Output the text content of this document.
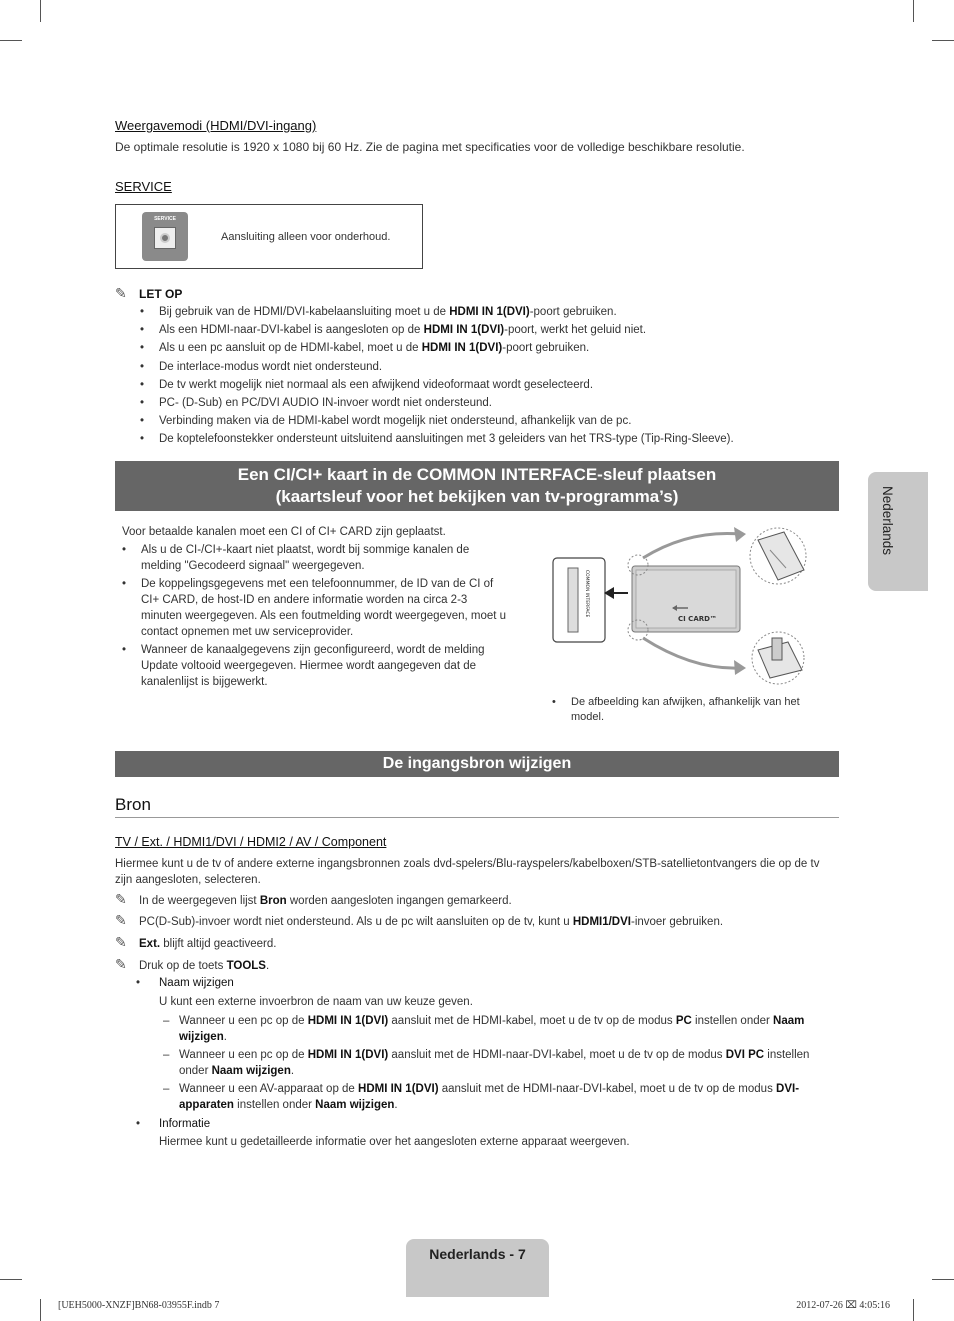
Weergavemodi (HDMI/DVI-ingang)
De optimale resolutie is 1920 x 1080 bij 60 Hz. Zie de pagina met specificaties voor de volledige beschikbare resolutie.
SERVICE
SERVICE
Aansluiting alleen voor onderhoud.
✎ LET OP
• Bij gebruik van de HDMI/DVI-kabelaansluiting moet u de HDMI IN 1(DVI)-poort gebruiken.
• Als een HDMI-naar-DVI-kabel is aangesloten op de HDMI IN 1(DVI)-poort, werkt het geluid niet.
• Als u een pc aansluit op de HDMI-kabel, moet u de HDMI IN 1(DVI)-poort gebruiken.
• De interlace-modus wordt niet ondersteund.
• De tv werkt mogelijk niet normaal als een afwijkend videoformaat wordt geselecteerd.
• PC- (D-Sub) en PC/DVI AUDIO IN-invoer wordt niet ondersteund.
• Verbinding maken via de HDMI-kabel wordt mogelijk niet ondersteund, afhankelijk van de pc.
• De koptelefoonstekker ondersteunt uitsluitend aansluitingen met 3 geleiders van het TRS-type (Tip-Ring-Sleeve).
Een CI/CI+ kaart in de COMMON INTERFACE-sleuf plaatsen
(kaartsleuf voor het bekijken van tv-programma’s)
Voor betaalde kanalen moet een CI of CI+ CARD zijn geplaatst.
• Als u de CI-/CI+-kaart niet plaatst, wordt bij sommige kanalen de melding "Gecodeerd signaal" weergegeven.
• De koppelingsgegevens met een telefoonnummer, de ID van de CI of CI+ CARD, de host-ID en andere informatie worden na circa 2-3 minuten weergegeven. Als een foutmelding wordt weergegeven, moet u contact opnemen met uw serviceprovider.
• Wanneer de kanaalgegevens zijn geconfigureerd, wordt de melding Update voltooid weergegeven. Hiermee wordt aangegeven dat de kanalenlijst is bijgewerkt.
COMMON INTERFACE
CI CARD™
• De afbeelding kan afwijken, afhankelijk van het model.
De ingangsbron wijzigen
Bron
TV / Ext. / HDMI1/DVI / HDMI2 / AV / Component
Hiermee kunt u de tv of andere externe ingangsbronnen zoals dvd-spelers/Blu-rayspelers/kabelboxen/STB-satellietontvangers die op de tv zijn aangesloten, selecteren.
✎ In de weergegeven lijst Bron worden aangesloten ingangen gemarkeerd.
✎ PC(D-Sub)-invoer wordt niet ondersteund. Als u de pc wilt aansluiten op de tv, kunt u HDMI1/DVI-invoer gebruiken.
✎ Ext. blijft altijd geactiveerd.
✎ Druk op de toets TOOLS.
• Naam wijzigen
U kunt een externe invoerbron de naam van uw keuze geven.
– Wanneer u een pc op de HDMI IN 1(DVI) aansluit met de HDMI-kabel, moet u de tv op de modus PC instellen onder Naam wijzigen.
– Wanneer u een pc op de HDMI IN 1(DVI) aansluit met de HDMI-naar-DVI-kabel, moet u de tv op de modus DVI PC instellen onder Naam wijzigen.
– Wanneer u een AV-apparaat op de HDMI IN 1(DVI) aansluit met de HDMI-naar-DVI-kabel, moet u de tv op de modus DVI-apparaten instellen onder Naam wijzigen.
• Informatie
Hiermee kunt u gedetailleerde informatie over het aangesloten externe apparaat weergeven.
Nederlands
Nederlands - 7
[UEH5000-XNZF]BN68-03955F.indb 7	2012-07-26 ⌧ 4:05:16
